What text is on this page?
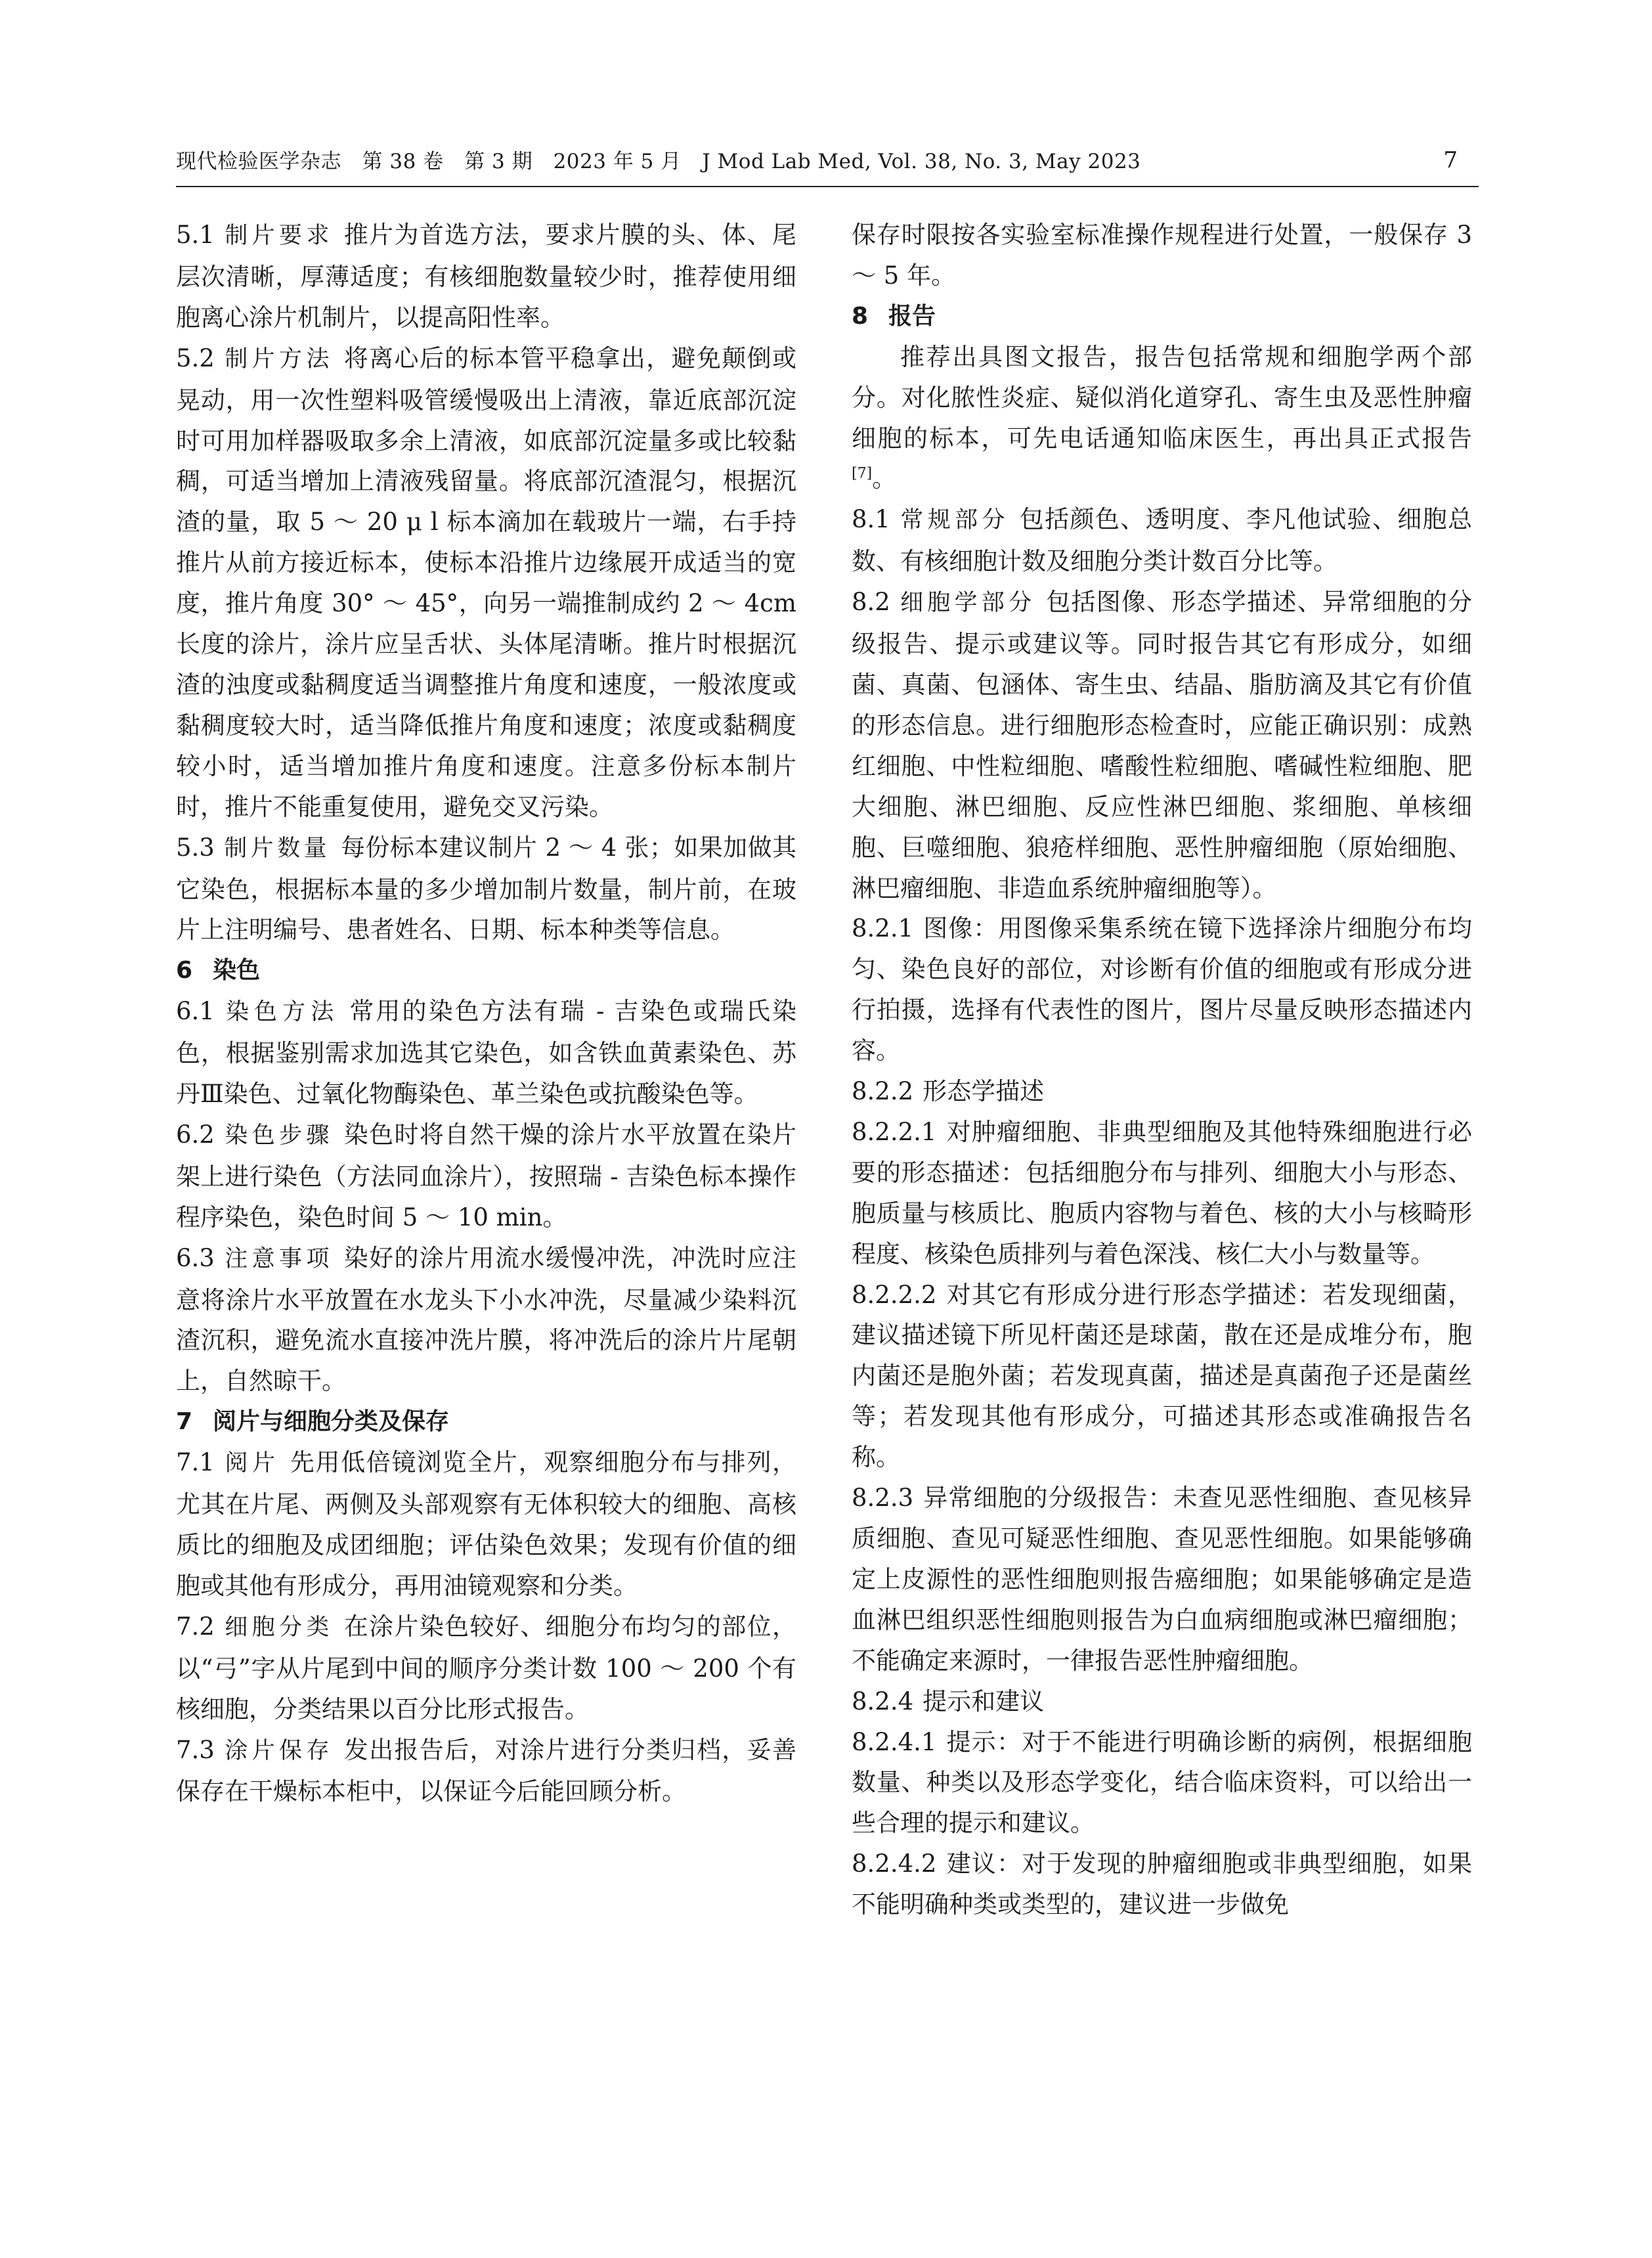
现代检验医学杂志　第 38 卷　第 3 期　2023 年 5 月　J Mod Lab Med, Vol. 38, No. 3, May 2023	7

5.1 制片要求 推片为首选方法，要求片膜的头、体、尾层次清晰，厚薄适度；有核细胞数量较少时，推荐使用细胞离心涂片机制片，以提高阳性率。

5.2 制片方法 将离心后的标本管平稳拿出，避免颠倒或晃动，用一次性塑料吸管缓慢吸出上清液，靠近底部沉淀时可用加样器吸取多余上清液，如底部沉淀量多或比较黏稠，可适当增加上清液残留量。将底部沉渣混匀，根据沉渣的量，取 5 ～ 20 μ l 标本滴加在载玻片一端，右手持推片从前方接近标本，使标本沿推片边缘展开成适当的宽度，推片角度 30° ～ 45°，向另一端推制成约 2 ～ 4cm 长度的涂片，涂片应呈舌状、头体尾清晰。推片时根据沉渣的浊度或黏稠度适当调整推片角度和速度，一般浓度或黏稠度较大时，适当降低推片角度和速度；浓度或黏稠度较小时，适当增加推片角度和速度。注意多份标本制片时，推片不能重复使用，避免交叉污染。

5.3 制片数量 每份标本建议制片 2 ～ 4 张；如果加做其它染色，根据标本量的多少增加制片数量，制片前，在玻片上注明编号、患者姓名、日期、标本种类等信息。

6 染色

6.1 染色方法 常用的染色方法有瑞 - 吉染色或瑞氏染色，根据鉴别需求加选其它染色，如含铁血黄素染色、苏丹Ⅲ染色、过氧化物酶染色、革兰染色或抗酸染色等。

6.2 染色步骤 染色时将自然干燥的涂片水平放置在染片架上进行染色（方法同血涂片），按照瑞 - 吉染色标本操作程序染色，染色时间 5 ～ 10 min。

6.3 注意事项 染好的涂片用流水缓慢冲洗，冲洗时应注意将涂片水平放置在水龙头下小水冲洗，尽量减少染料沉渣沉积，避免流水直接冲洗片膜，将冲洗后的涂片片尾朝上，自然晾干。

7 阅片与细胞分类及保存

7.1 阅片 先用低倍镜浏览全片，观察细胞分布与排列，尤其在片尾、两侧及头部观察有无体积较大的细胞、高核质比的细胞及成团细胞；评估染色效果；发现有价值的细胞或其他有形成分，再用油镜观察和分类。

7.2 细胞分类 在涂片染色较好、细胞分布均匀的部位，以“弓”字从片尾到中间的顺序分类计数 100 ～ 200 个有核细胞，分类结果以百分比形式报告。

7.3 涂片保存 发出报告后，对涂片进行分类归档，妥善保存在干燥标本柜中，以保证今后能回顾分析。

保存时限按各实验室标准操作规程进行处置，一般保存 3 ～ 5 年。

8 报告

推荐出具图文报告，报告包括常规和细胞学两个部分。对化脓性炎症、疑似消化道穿孔、寄生虫及恶性肿瘤细胞的标本，可先电话通知临床医生，再出具正式报告[7]。

8.1 常规部分 包括颜色、透明度、李凡他试验、细胞总数、有核细胞计数及细胞分类计数百分比等。

8.2 细胞学部分 包括图像、形态学描述、异常细胞的分级报告、提示或建议等。同时报告其它有形成分，如细菌、真菌、包涵体、寄生虫、结晶、脂肪滴及其它有价值的形态信息。进行细胞形态检查时，应能正确识别：成熟红细胞、中性粒细胞、嗜酸性粒细胞、嗜碱性粒细胞、肥大细胞、淋巴细胞、反应性淋巴细胞、浆细胞、单核细胞、巨噬细胞、狼疮样细胞、恶性肿瘤细胞（原始细胞、淋巴瘤细胞、非造血系统肿瘤细胞等）。

8.2.1 图像：用图像采集系统在镜下选择涂片细胞分布均匀、染色良好的部位，对诊断有价值的细胞或有形成分进行拍摄，选择有代表性的图片，图片尽量反映形态描述内容。

8.2.2 形态学描述

8.2.2.1 对肿瘤细胞、非典型细胞及其他特殊细胞进行必要的形态描述：包括细胞分布与排列、细胞大小与形态、胞质量与核质比、胞质内容物与着色、核的大小与核畸形程度、核染色质排列与着色深浅、核仁大小与数量等。

8.2.2.2 对其它有形成分进行形态学描述：若发现细菌，建议描述镜下所见杆菌还是球菌，散在还是成堆分布，胞内菌还是胞外菌；若发现真菌，描述是真菌孢子还是菌丝等；若发现其他有形成分，可描述其形态或准确报告名称。

8.2.3 异常细胞的分级报告：未查见恶性细胞、查见核异质细胞、查见可疑恶性细胞、查见恶性细胞。如果能够确定上皮源性的恶性细胞则报告癌细胞；如果能够确定是造血淋巴组织恶性细胞则报告为白血病细胞或淋巴瘤细胞；不能确定来源时，一律报告恶性肿瘤细胞。

8.2.4 提示和建议

8.2.4.1 提示：对于不能进行明确诊断的病例，根据细胞数量、种类以及形态学变化，结合临床资料，可以给出一些合理的提示和建议。

8.2.4.2 建议：对于发现的肿瘤细胞或非典型细胞，如果不能明确种类或类型的，建议进一步做免
